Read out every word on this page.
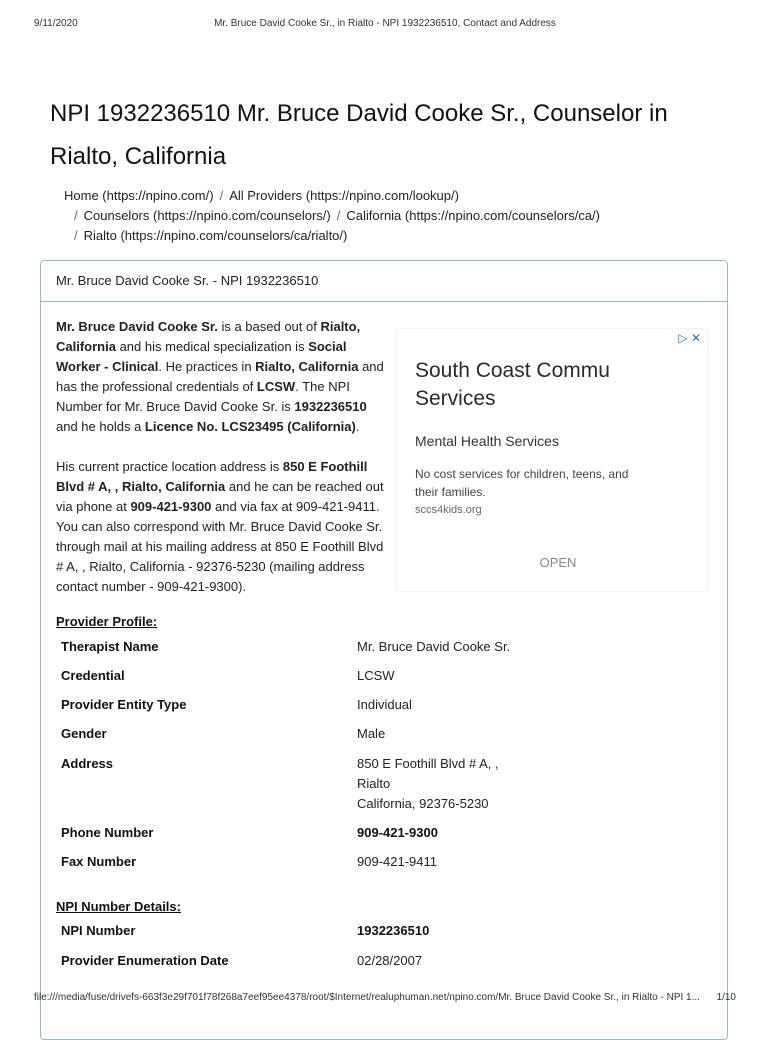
9/11/2020	Mr. Bruce David Cooke Sr., in Rialto - NPI 1932236510, Contact and Address
NPI 1932236510 Mr. Bruce David Cooke Sr., Counselor in Rialto, California
Home (https://npino.com/) / All Providers (https://npino.com/lookup/)
/ Counselors (https://npino.com/counselors/) / California (https://npino.com/counselors/ca/)
/ Rialto (https://npino.com/counselors/ca/rialto/)
Mr. Bruce David Cooke Sr. - NPI 1932236510

Mr. Bruce David Cooke Sr. is a based out of Rialto, California and his medical specialization is Social Worker - Clinical. He practices in Rialto, California and has the professional credentials of LCSW. The NPI Number for Mr. Bruce David Cooke Sr. is 1932236510 and he holds a Licence No. LCS23495 (California).

His current practice location address is 850 E Foothill Blvd # A, , Rialto, California and he can be reached out via phone at 909-421-9300 and via fax at 909-421-9411. You can also correspond with Mr. Bruce David Cooke Sr. through mail at his mailing address at 850 E Foothill Blvd # A, , Rialto, California - 92376-5230 (mailing address contact number - 909-421-9300).

▷ ✕
South Coast Commu
Services
Mental Health Services
No cost services for children, teens, and their families.
sccs4kids.org
OPEN
Provider Profile:
Therapist Name	Mr. Bruce David Cooke Sr.
Credential	LCSW
Provider Entity Type	Individual
Gender	Male
Address	850 E Foothill Blvd # A, ,
Rialto
California, 92376-5230
Phone Number	909-421-9300
Fax Number	909-421-9411
NPI Number Details:
NPI Number	1932236510
Provider Enumeration Date	02/28/2007
file:///media/fuse/drivefs-663f3e29f701f78f268a7eef95ee4378/root/$Internet/realuphuman.net/npino.com/Mr. Bruce David Cooke Sr., in Rialto - NPI 1...	1/10
